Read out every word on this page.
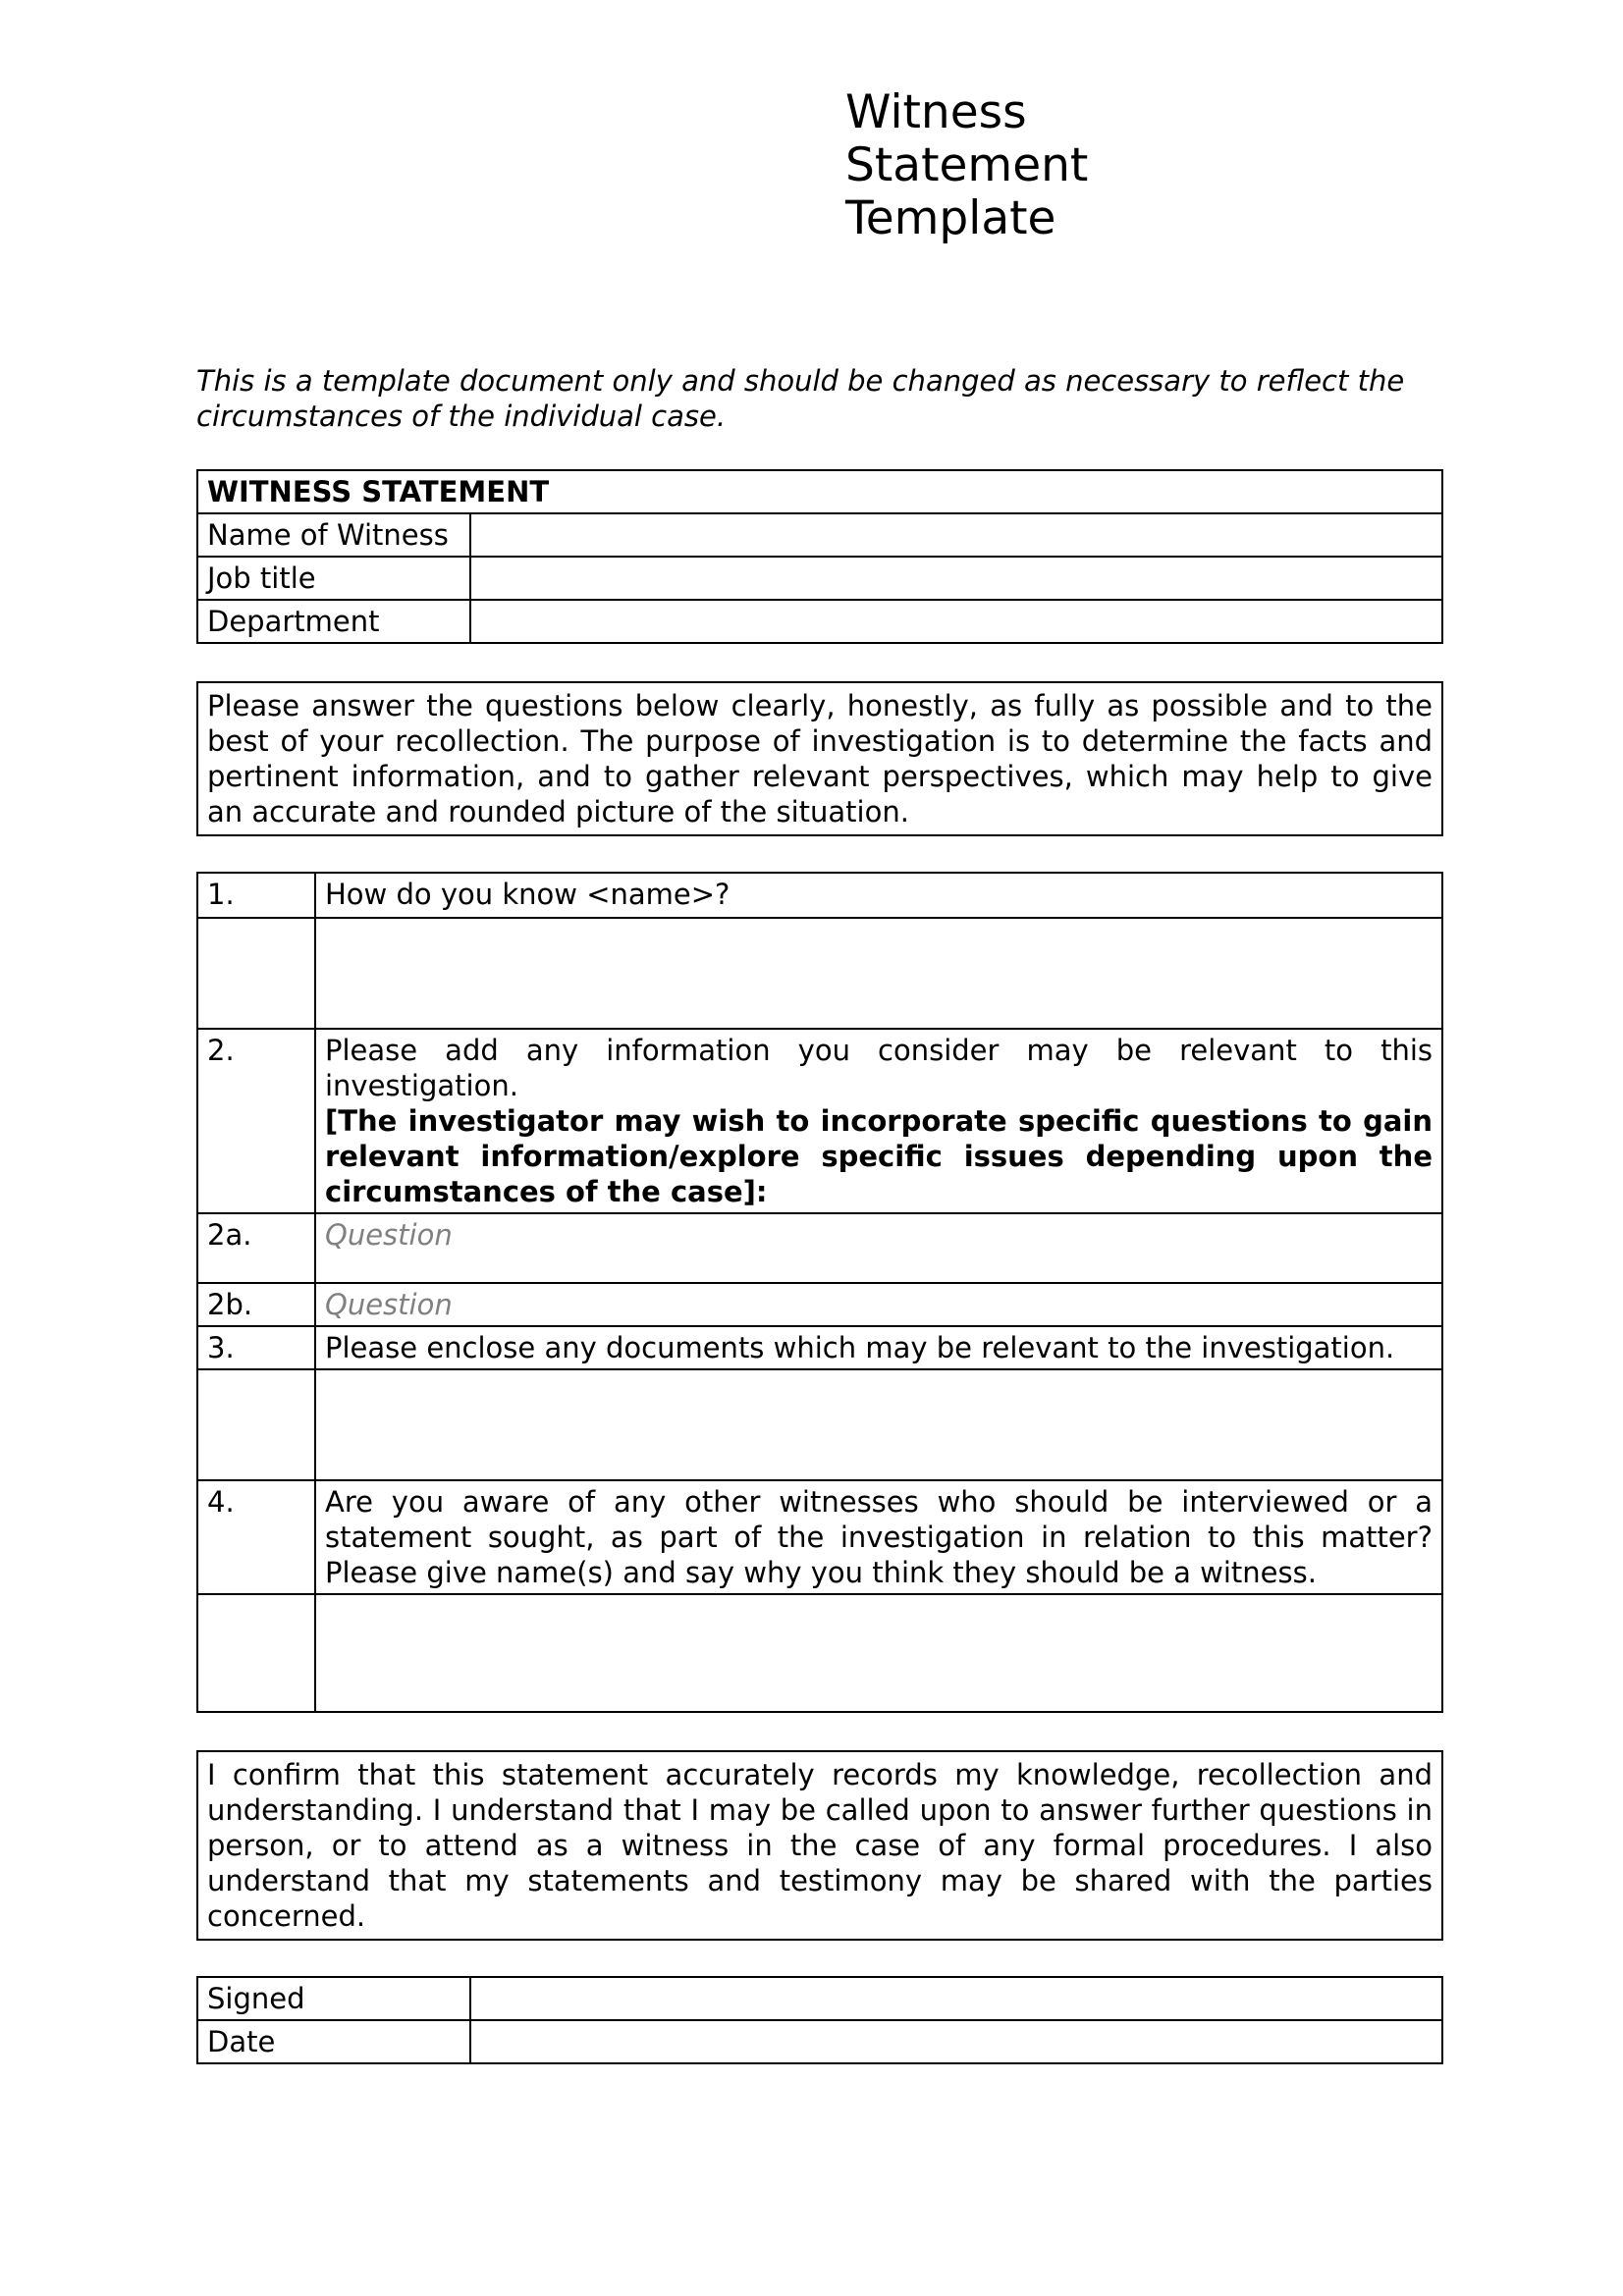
Witness
Statement
Template

This is a template document only and should be changed as necessary to reflect the circumstances of the individual case.

WITNESS STATEMENT	
Name of Witness	
Job title	
Department	
Please answer the questions below clearly, honestly, as fully as possible and to the best of your recollection. The purpose of investigation is to determine the facts and pertinent information, and to gather relevant perspectives, which may help to give an accurate and rounded picture of the situation.
1.	How do you know <name>?

2.	Please add any information you consider may be relevant to this investigation.
[The investigator may wish to incorporate specific questions to gain relevant information/explore specific issues depending upon the circumstances of the case]:

2a.	Question
2b.	Question
3.	Please enclose any documents which may be relevant to the investigation.

4.	Are you aware of any other witnesses who should be interviewed or a statement sought, as part of the investigation in relation to this matter? Please give name(s) and say why you think they should be a witness.

I confirm that this statement accurately records my knowledge, recollection and understanding. I understand that I may be called upon to answer further questions in person, or to attend as a witness in the case of any formal procedures. I also understand that my statements and testimony may be shared with the parties concerned.
Signed	
Date	
